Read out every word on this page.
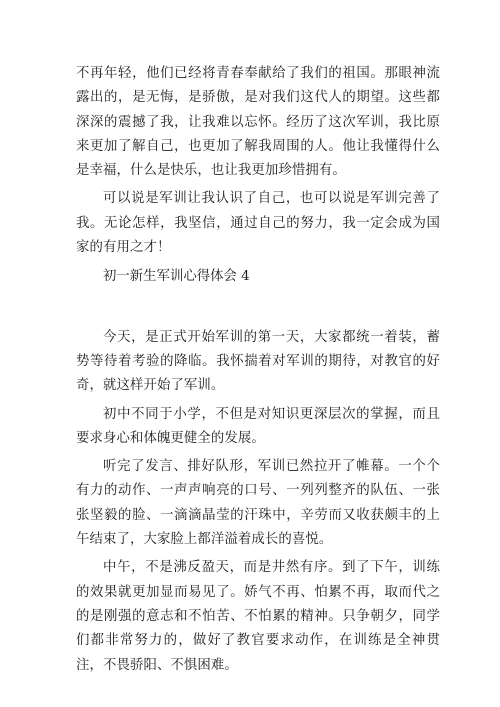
不再年轻，他们已经将青春奉献给了我们的祖国。那眼神流露出的，是无悔，是骄傲，是对我们这代人的期望。这些都深深的震撼了我，让我难以忘怀。经历了这次军训，我比原来更加了解自己，也更加了解我周围的人。他让我懂得什么是幸福，什么是快乐，也让我更加珍惜拥有。

可以说是军训让我认识了自己，也可以说是军训完善了我。无论怎样，我坚信，通过自己的努力，我一定会成为国家的有用之才！

初一新生军训心得体会 4

今天，是正式开始军训的第一天，大家都统一着装，蓄势等待着考验的降临。我怀揣着对军训的期待，对教官的好奇，就这样开始了军训。

初中不同于小学，不但是对知识更深层次的掌握，而且要求身心和体魄更健全的发展。

听完了发言、排好队形，军训已然拉开了帷幕。一个个有力的动作、一声声响亮的口号、一列列整齐的队伍、一张张坚毅的脸、一滴滴晶莹的汗珠中，辛劳而又收获颇丰的上午结束了，大家脸上都洋溢着成长的喜悦。

中午，不是沸反盈天，而是井然有序。到了下午，训练的效果就更加显而易见了。娇气不再、怕累不再，取而代之的是刚强的意志和不怕苦、不怕累的精神。只争朝夕，同学们都非常努力的，做好了教官要求动作，在训练是全神贯注，不畏骄阳、不惧困难。
